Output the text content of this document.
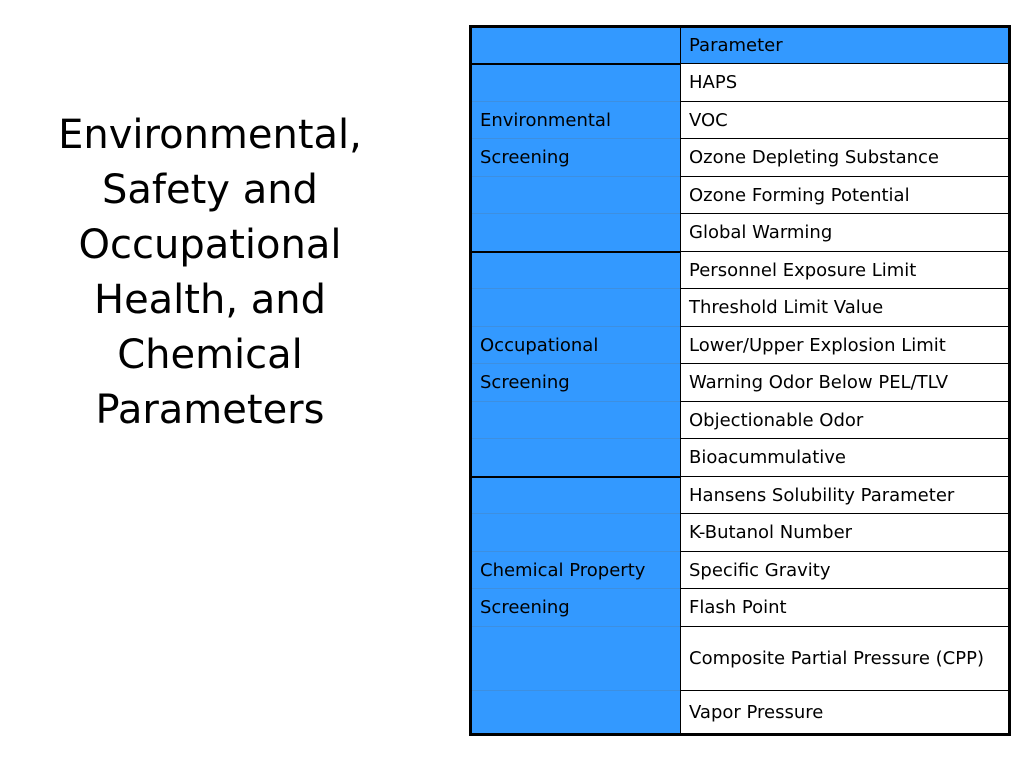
Environmental,
Safety and
Occupational
Health, and
Chemical
Parameters
	Parameter
	HAPS
Environmental	VOC
Screening	Ozone Depleting Substance
	Ozone Forming Potential
	Global Warming
	Personnel Exposure Limit
	Threshold Limit Value
Occupational	Lower/Upper Explosion Limit
Screening	Warning Odor Below PEL/TLV
	Objectionable Odor
	Bioacummulative
	Hansens Solubility Parameter
	K-Butanol Number
Chemical Property	Specific Gravity
Screening	Flash Point
	Composite Partial Pressure (CPP)
	Vapor Pressure
